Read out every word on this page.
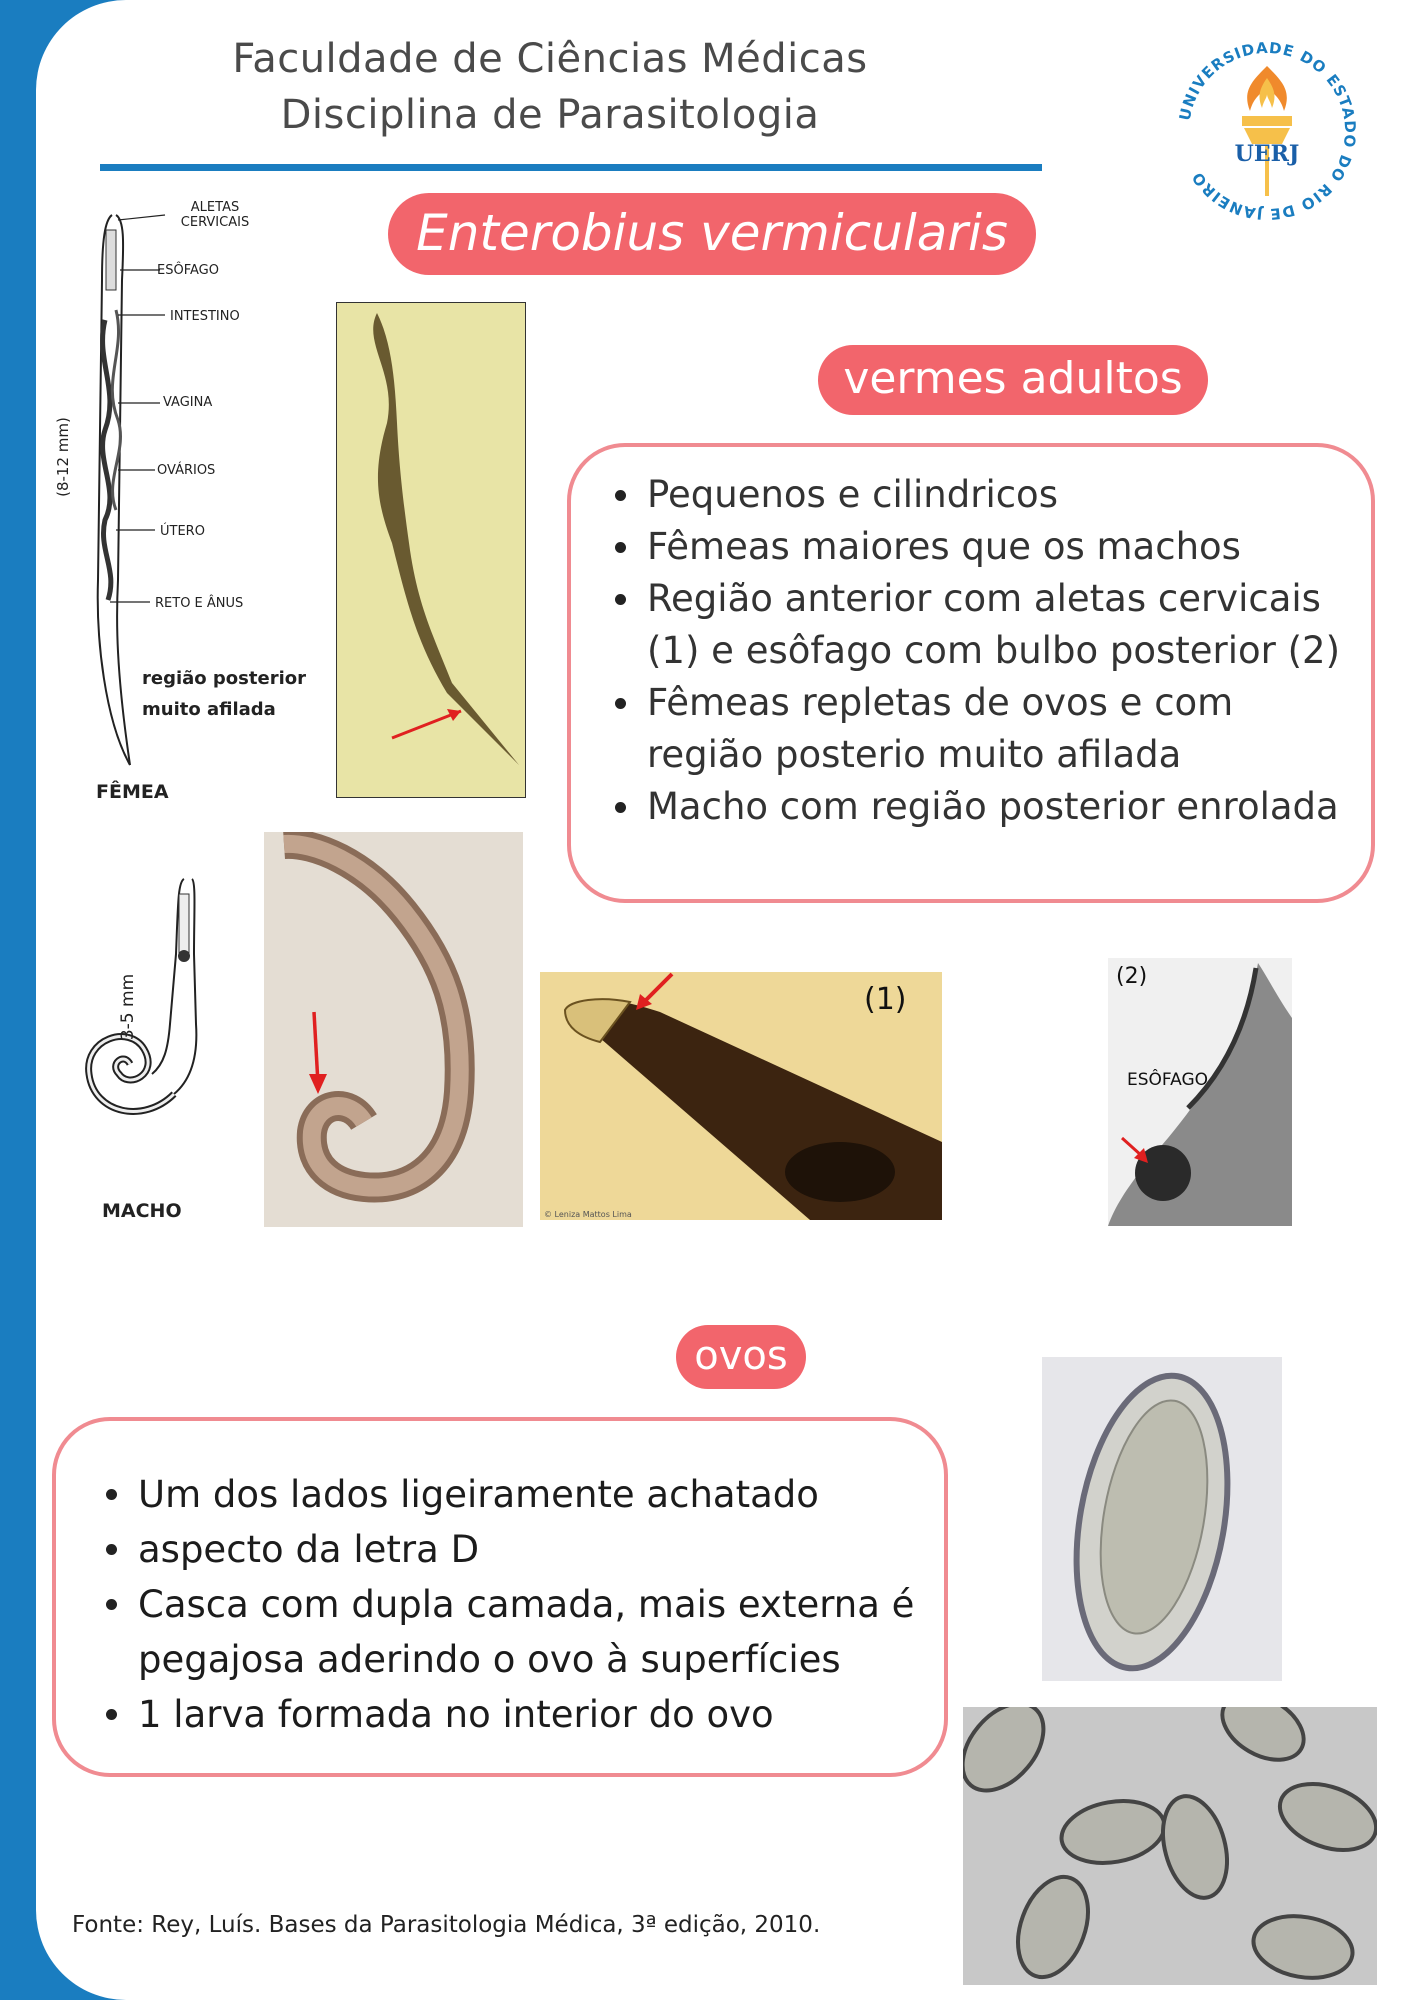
Faculdade de Ciências Médicas
Disciplina de Parasitologia	UNIVERSIDADE DO ESTADO DO RIO DE JANEIRO
UERJ
Enterobius vermicularis
vermes adultos
Pequenos e cilindricos
Fêmeas maiores que os machos
Região anterior com aletas cervicais (1) e esôfago com bulbo posterior (2)
Fêmeas repletas de ovos e com região posterio muito afilada
Macho com região posterior enrolada
ALETAS CERVICAIS
ESÔFAGO
INTESTINO
VAGINA
OVÁRIOS
ÚTERO
RETO E ÂNUS
(8-12 mm)
região posterior
muito afilada
FÊMEA
3-5 mm
MACHO
(1)
© Leniza Mattos Lima
(2)
ESÔFAGO
ovos
Um dos lados ligeiramente achatado
aspecto da letra D
Casca com dupla camada, mais externa é pegajosa aderindo o ovo à superfícies
1 larva formada no interior do ovo
Fonte: Rey, Luís. Bases da Parasitologia Médica, 3ª edição, 2010.
